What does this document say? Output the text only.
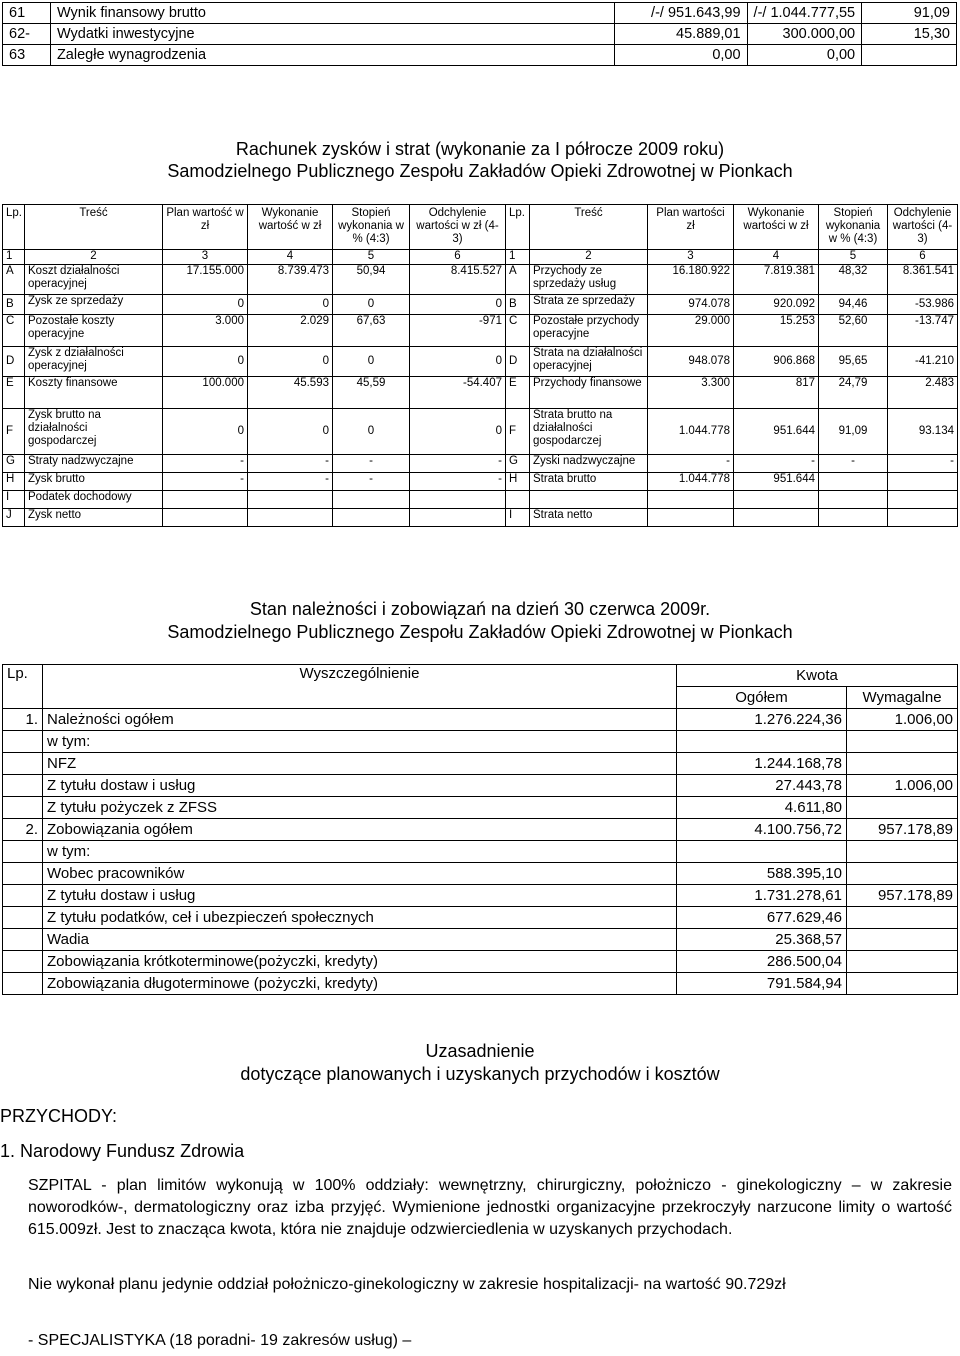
61	Wynik finansowy brutto	/-/ 951.643,99	/-/ 1.044.777,55	91,09
62-	Wydatki inwestycyjne	45.889,01	300.000,00	15,30
63	Zaległe wynagrodzenia	0,00	0,00	
Rachunek zysków i strat (wykonanie za I półrocze 2009 roku)
Samodzielnego Publicznego Zespołu Zakładów Opieki Zdrowotnej w Pionkach
Lp.	Treść	Plan wartość w zł	Wykonanie wartość w zł	Stopień wykonania w % (4:3)	Odchylenie wartości w zł (4-3)	Lp.	Treść	Plan wartości zł	Wykonanie wartości w zł	Stopień wykonania w % (4:3)	Odchylenie wartości (4-3)
1	2	3	4	5	6	1	2	3	4	5	6
A	Koszt działalności operacyjnej	17.155.000	8.739.473	50,94	8.415.527	A	Przychody ze sprzedaży usług	16.180.922	7.819.381	48,32	8.361.541
B	Zysk ze sprzedaży	0	0	0	0	B	Strata ze sprzedaży	974.078	920.092	94,46	-53.986
C	Pozostałe koszty operacyjne	3.000	2.029	67,63	-971	C	Pozostałe przychody operacyjne	29.000	15.253	52,60	-13.747
D	Zysk z działalności operacyjnej	0	0	0	0	D	Strata na działalności operacyjnej	948.078	906.868	95,65	-41.210
E	Koszty finansowe	100.000	45.593	45,59	-54.407	E	Przychody finansowe	3.300	817	24,79	2.483
F	Zysk brutto na działalności gospodarczej	0	0	0	0	F	Strata brutto na działalności gospodarczej	1.044.778	951.644	91,09	93.134
G	Straty nadzwyczajne	-	-	-	-	G	Zyski nadzwyczajne	-	-	-	-
H	Zysk brutto	-	-	-	-	H	Strata brutto	1.044.778	951.644		
I	Podatek dochodowy										
J	Zysk netto					I	Strata netto				
Stan należności i zobowiązań na dzień 30 czerwca 2009r.
Samodzielnego Publicznego Zespołu Zakładów Opieki Zdrowotnej w Pionkach
Lp.	Wyszczególnienie	Kwota	
		Ogółem	Wymagalne
1.	Należności ogółem	1.276.224,36	1.006,00
	w tym:		
	NFZ	1.244.168,78	
	Z tytułu dostaw i usług	27.443,78	1.006,00
	Z tytułu pożyczek z ZFSS	4.611,80	
2.	Zobowiązania ogółem	4.100.756,72	957.178,89
	w tym:		
	Wobec pracowników	588.395,10	
	Z tytułu dostaw i usług	1.731.278,61	957.178,89
	Z tytułu podatków, ceł i ubezpieczeń społecznych	677.629,46	
	Wadia	25.368,57	
	Zobowiązania krótkoterminowe(pożyczki, kredyty)	286.500,04	
	Zobowiązania długoterminowe (pożyczki, kredyty)	791.584,94	
Uzasadnienie
dotyczące planowanych i uzyskanych przychodów i kosztów
PRZYCHODY:
1. Narodowy Fundusz Zdrowia
SZPITAL - plan limitów wykonują w 100% oddziały: wewnętrzny, chirurgiczny, położniczo - ginekologiczny – w zakresie noworodków-, dermatologiczny oraz izba przyjęć. Wymienione jednostki organizacyjne przekroczyły narzucone limity o wartość 615.009zł. Jest to znacząca kwota, która nie znajduje odzwierciedlenia w uzyskanych przychodach.
Nie wykonał planu jedynie oddział położniczo-ginekologiczny w zakresie hospitalizacji- na wartość 90.729zł
- SPECJALISTYKA (18 poradni- 19 zakresów usług) –
